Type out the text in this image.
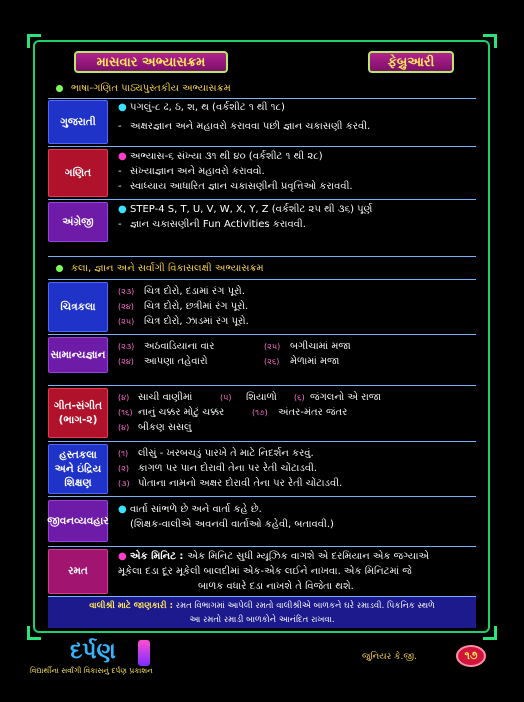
માસવાર અભ્યાસક્રમ	ફેબ્રુઆરી
ભાષા-ગણિત પાઠ્યપુસ્તકીય અભ્યાસક્રમ
ગુજરાતી
● પગલું-૮ ઢ, ઠ, શ, થ (વર્કશીટ ૧ થી ૧૮)
- અક્ષરજ્ઞાન અને મહાવરો કરાવવા પછી જ્ઞાન ચકાસણી કરવી.
ગણિત
● અભ્યાસ-૬ સંખ્યા ૩૧ થી ૪૦ (વર્કશીટ ૧ થી ૨૮)
- સંખ્યાજ્ઞાન અને મહાવરો કરાવવો.
- સ્વાધ્યાય આધારિત જ્ઞાન ચકાસણીની પ્રવૃત્તિઓ કરાવવી.
અંગ્રેજી
● STEP-4 S, T, U, V, W, X, Y, Z (વર્કશીટ ૨૫ થી ૩૬) પૂર્ણ
- જ્ઞાન ચકાસણીની Fun Activities કરાવવી.
કલા, જ્ઞાન અને સર્વાંગી વિકાસલક્ષી અભ્યાસક્રમ
ચિત્રકલા
(૨૩) ચિત્ર દોરો, દડામાં રંગ પૂરો.
(૨૪)	ચિત્ર દોરો, છત્રીમાં રંગ પૂરો.
(૨૫) ચિત્ર દોરો, ઝાડમાં રંગ પૂરો.
સામાન્યજ્ઞાન
(૨૩) અઠવાડિયાના વાર	(૨૫) બગીચામાં મજા
(૨૪)	આપણા તહેવારો	(૨૬)	મેળામાં મજા
ગીત-સંગીત (ભાગ-૨)
(૪) સાચી વાણીમાં	(૫)	શિયાળો	(૬) જંગલનો એ રાજા
(૧૬) નાનું ચક્કર મોટું ચક્કર	(૧૭)	અંતર-મંતર જંતર
(૪) બીકણ સસલું
હસ્તકલા અને ઇંદ્રિય શિક્ષણ
(૧) લીસું - ખરબચડું પારખે તે માટે નિદર્શન કરવું.
(૨) કાગળ પર પાન દોરાવી તેના પર રેતી ચોંટાડવી.
(૩) પોતાના નામનો અક્ષર દોરાવી તેના પર રેતી ચોંટાડવી.
જીવનવ્યવહાર
● વાર્તા સાંભળે છે અને વાર્તા કહે છે.
(શિક્ષક-વાલીએ અવનવી વાર્તાઓ કહેવી, બતાવવી.)
રમત
● એક મિનિટ : એક મિનિટ સુધી મ્યૂઝિક વાગશે એ દરમિયાન એક જગ્યાએ
મૂકેલા દડા દૂર મૂકેલી બાલદીમાં એક-એક લઈને નાખવા. એક મિનિટમાં જે
બાળક વધારે દડા નાખશે તે વિજેતા થશે.
વાલીશ્રી માટે જાણકારી : રમત વિભાગમાં આપેલી રમતો વાલીશ્રીએ બાળકને ઘરે રમાડવી. પિકનિક સ્થળે
આ રમતો રમાડી બાળકોને આનંદિત રાખવા.
દર્પણ
વિદ્યાર્થીના સર્વાંગી વિકાસનું દર્પણ પ્રકાશન
જુનિયર કે.જી.	૧૭
